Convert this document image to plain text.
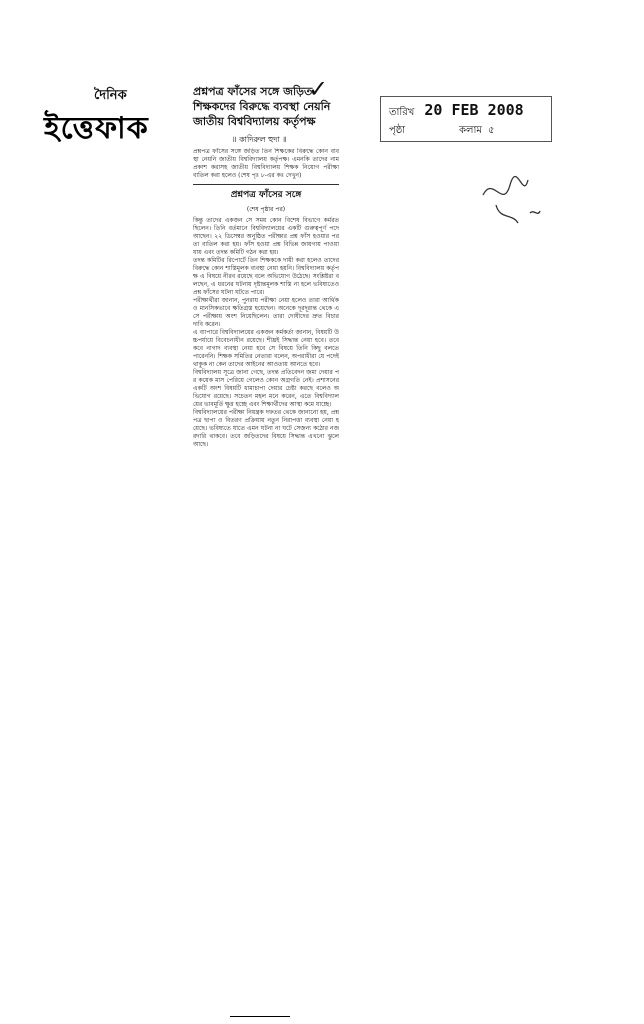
দৈনিক
ইত্তেফাক
প্রশ্নপত্র ফাঁসের সঙ্গে জড়িত শিক্ষকদের বিরুদ্ধে ব্যবস্থা নেয়নি জাতীয় বিশ্ববিদ্যালয় কর্তৃপক্ষ
✓
॥ কাদিরুল হুদা ॥
তারিখ 20 FEB 2008
পৃষ্ঠা	কলাম ৫
প্রশ্নপত্র ফাঁসের সঙ্গে জড়িত তিন শিক্ষকের বিরুদ্ধে কোন ব্যবস্থা নেয়নি জাতীয় বিশ্ববিদ্যালয় কর্তৃপক্ষ। এমনকি তাদের নাম প্রকাশ করাসহ জাতীয় বিশ্ববিদ্যালয় শিক্ষক নিয়োগ পরীক্ষা বাতিল করা হলেও (শেষ পৃঃ ৮-এর কঃ দেখুন)
প্রশ্নপত্র ফাঁসের সঙ্গে
(শেষ পৃষ্ঠার পর)
কিন্তু তাদের একজন সে সময় কোন বিশেষ বিভাগে কর্মরত ছিলেন। তিনি বর্তমানে বিশ্ববিদ্যালয়ের একটি গুরুত্বপূর্ণ পদে আছেন। ২২ ডিসেম্বর অনুষ্ঠিত পরীক্ষার প্রশ্ন ফাঁস হওয়ার পর তা বাতিল করা হয়। ফাঁস হওয়া প্রশ্ন বিভিন্ন জায়গায় পাওয়া যায় এবং তদন্ত কমিটি গঠন করা হয়।
তদন্ত কমিটির রিপোর্টে তিন শিক্ষককে দায়ী করা হলেও তাদের বিরুদ্ধে কোন শাস্তিমূলক ব্যবস্থা নেয়া হয়নি। বিশ্ববিদ্যালয় কর্তৃপক্ষ এ বিষয়ে নীরব রয়েছে বলে অভিযোগ উঠেছে। সংশ্লিষ্টরা বলছেন, এ ধরনের ঘটনায় দৃষ্টান্তমূলক শাস্তি না হলে ভবিষ্যতেও প্রশ্ন ফাঁসের ঘটনা ঘটতে পারে।
পরীক্ষার্থীরা জানান, পুনরায় পরীক্ষা নেয়া হলেও তারা আর্থিক ও মানসিকভাবে ক্ষতিগ্রস্ত হয়েছেন। অনেকে দূরদূরান্ত থেকে এসে পরীক্ষায় অংশ নিয়েছিলেন। তারা দোষীদের দ্রুত বিচার দাবি করেন।
এ ব্যাপারে বিশ্ববিদ্যালয়ের একজন কর্মকর্তা জানান, বিষয়টি উচ্চপর্যায়ে বিবেচনাধীন রয়েছে। শীঘ্রই সিদ্ধান্ত নেয়া হবে। তবে কবে নাগাদ ব্যবস্থা নেয়া হবে সে বিষয়ে তিনি কিছু বলতে পারেননি। শিক্ষক সমিতির নেতারা বলেন, অপরাধীরা যে পদেই থাকুক না কেন তাদের আইনের আওতায় আনতে হবে।
বিশ্ববিদ্যালয় সূত্রে জানা গেছে, তদন্ত প্রতিবেদন জমা দেয়ার পর কয়েক মাস পেরিয়ে গেলেও কোন অগ্রগতি নেই। প্রশাসনের একটি অংশ বিষয়টি ধামাচাপা দেয়ার চেষ্টা করছে বলেও অভিযোগ রয়েছে। সচেতন মহল মনে করেন, এতে বিশ্ববিদ্যালয়ের ভাবমূর্তি ক্ষুণ্ণ হচ্ছে এবং শিক্ষার্থীদের আস্থা কমে যাচ্ছে।
বিশ্ববিদ্যালয়ের পরীক্ষা নিয়ন্ত্রক দফতর থেকে জানানো হয়, প্রশ্নপত্র ছাপা ও বিতরণ প্রক্রিয়ায় নতুন নিরাপত্তা ব্যবস্থা নেয়া হয়েছে। ভবিষ্যতে যাতে এমন ঘটনা না ঘটে সেজন্য কঠোর নজরদারি থাকবে। তবে জড়িতদের বিষয়ে সিদ্ধান্ত এখনো ঝুলে আছে।
